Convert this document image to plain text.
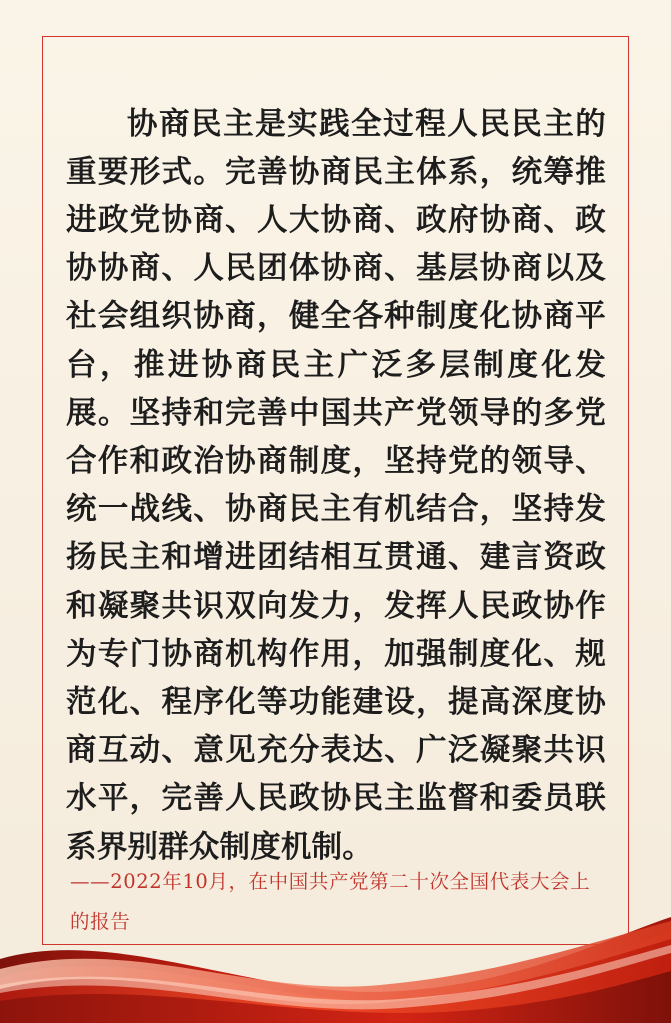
协商民主是实践全过程人民民主的重要形式。完善协商民主体系，统筹推进政党协商、人大协商、政府协商、政协协商、人民团体协商、基层协商以及社会组织协商，健全各种制度化协商平台，推进协商民主广泛多层制度化发展。坚持和完善中国共产党领导的多党合作和政治协商制度，坚持党的领导、统一战线、协商民主有机结合，坚持发扬民主和增进团结相互贯通、建言资政和凝聚共识双向发力，发挥人民政协作为专门协商机构作用，加强制度化、规范化、程序化等功能建设，提高深度协商互动、意见充分表达、广泛凝聚共识水平，完善人民政协民主监督和委员联系界别群众制度机制。

——2022年10月，在中国共产党第二十次全国代表大会上的报告
